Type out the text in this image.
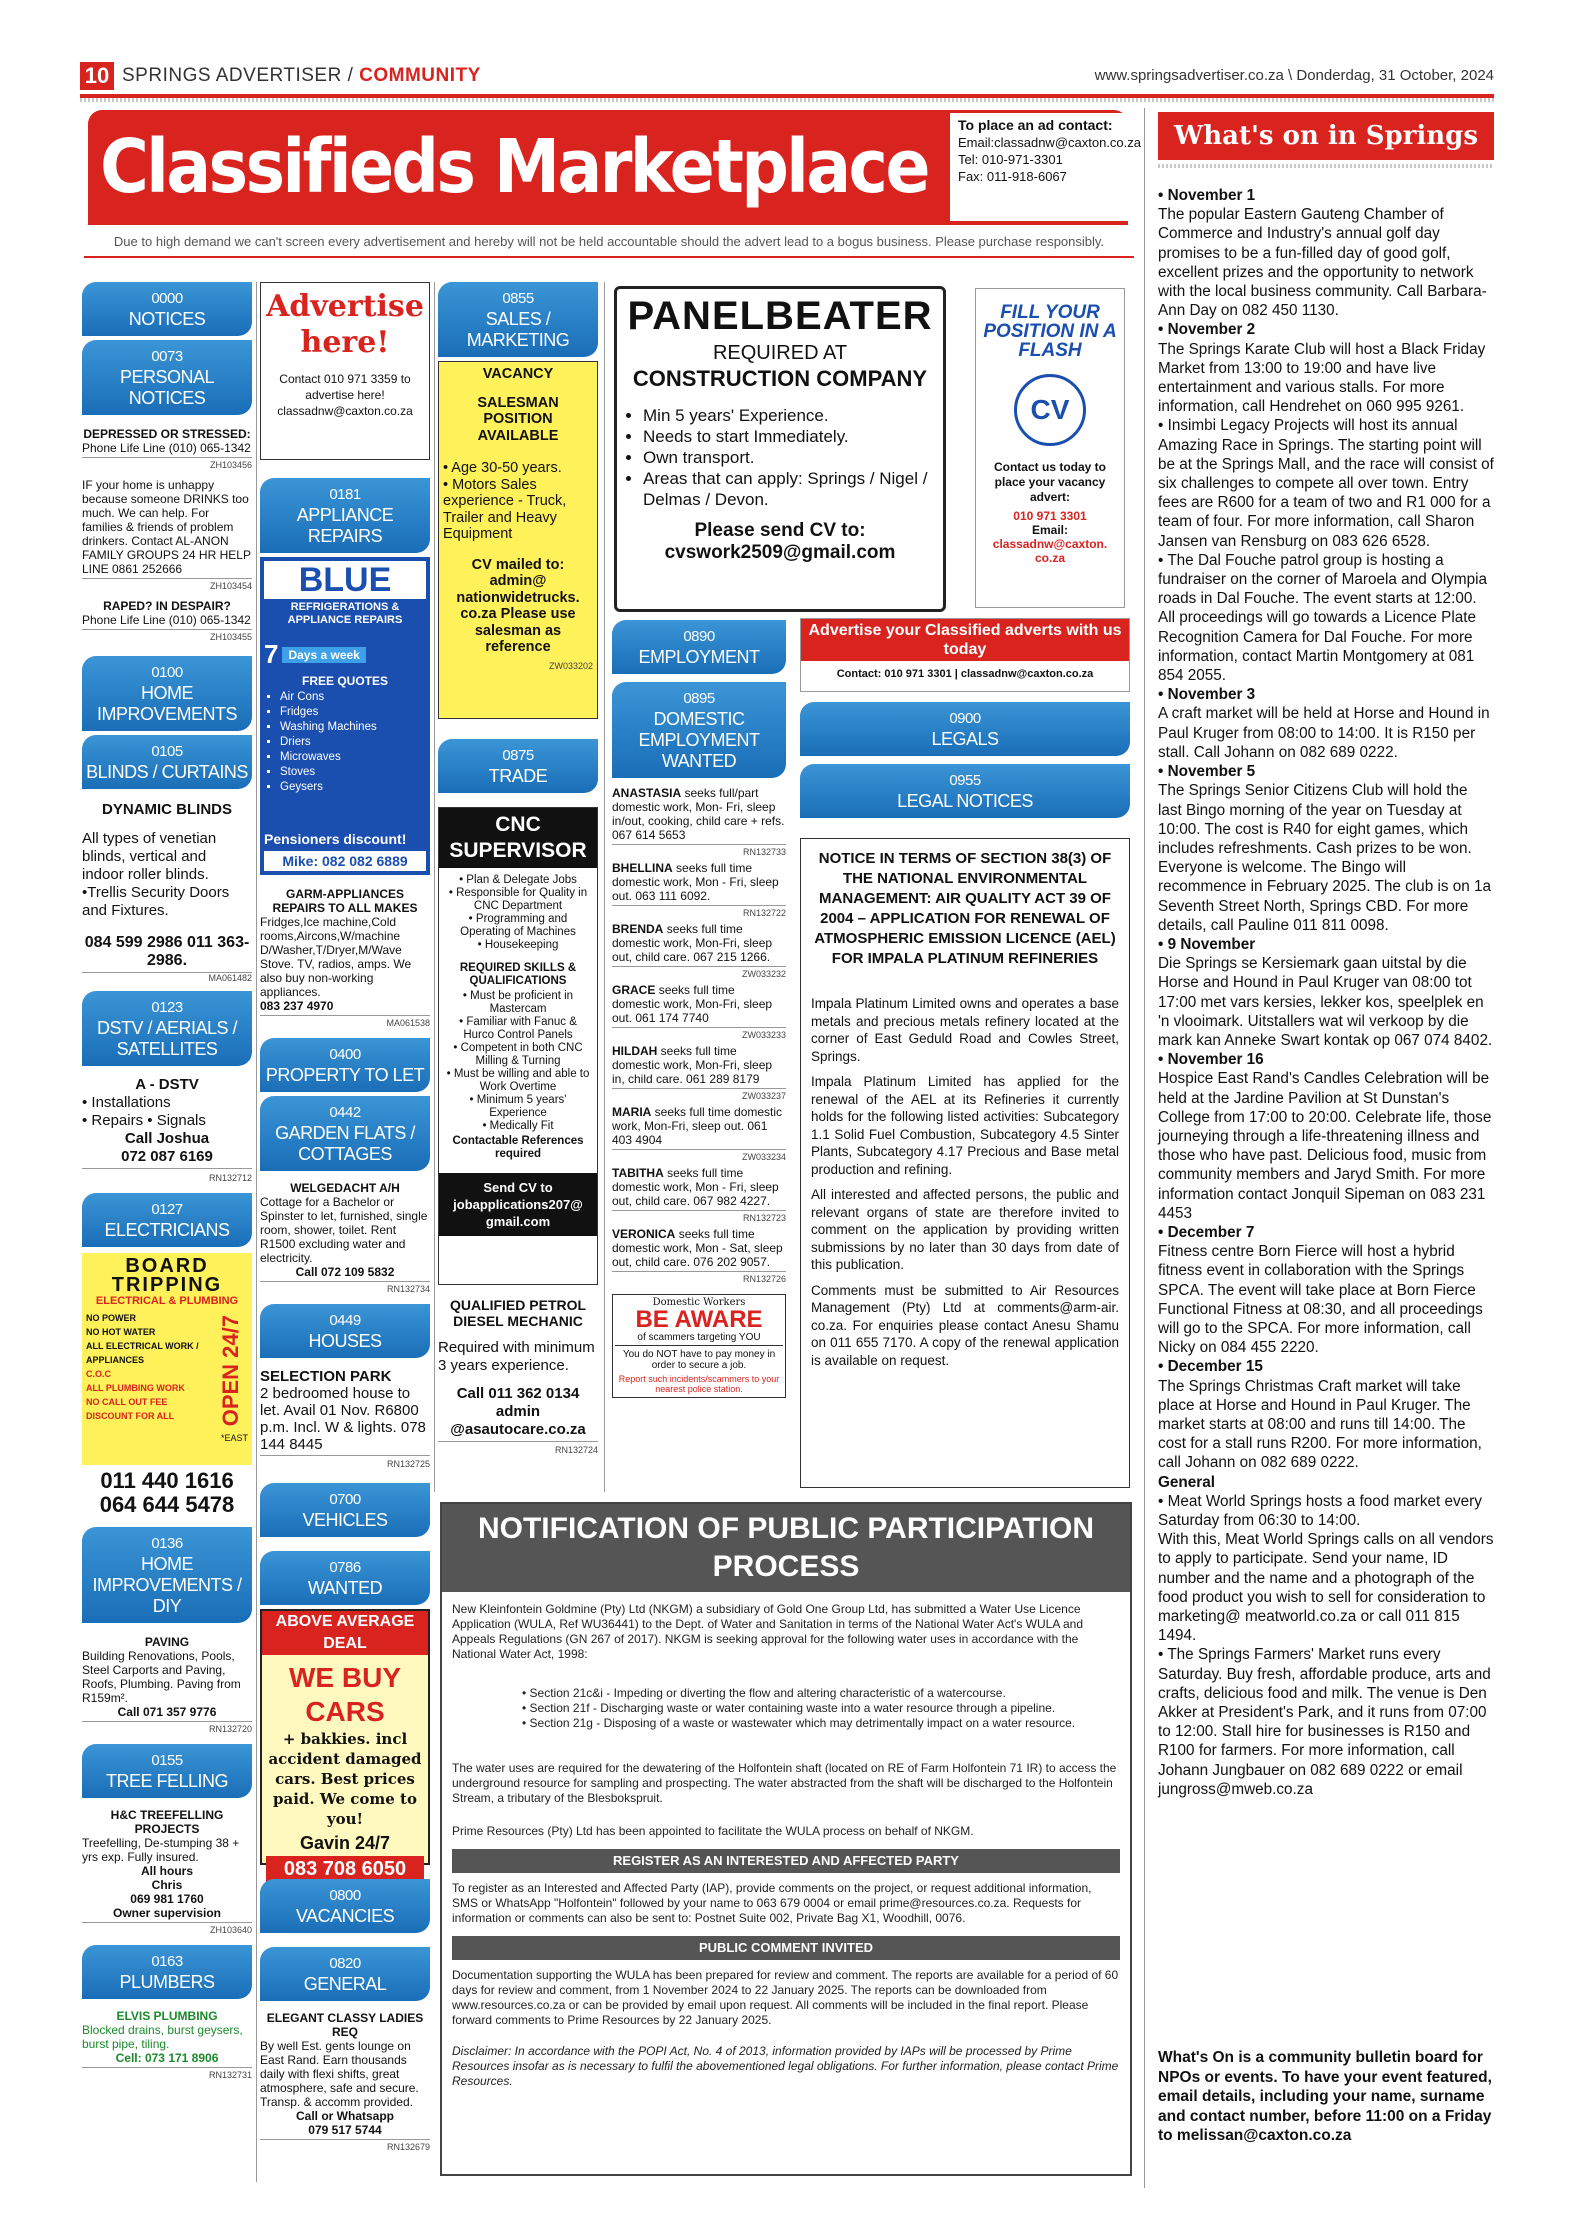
10 SPRINGS ADVERTISER / COMMUNITY	www.springsadvertiser.co.za \ Donderdag, 31 October, 2024
Classifieds Marketplace To place an ad contact:
Email:classadnw@caxton.co.za
Tel: 010-971-3301
Fax: 011-918-6067
Due to high demand we can't screen every advertisement and hereby will not be held accountable should the advert lead to a bogus business. Please purchase responsibly.
0000
NOTICES
0073
PERSONAL NOTICES
DEPRESSED OR STRESSED:
Phone Life Line (010) 065-1342
ZH103456
IF your home is unhappy because someone DRINKS too much. We can help. For families & friends of problem drinkers. Contact AL-ANON FAMILY GROUPS 24 HR HELP LINE 0861 252666
ZH103454
RAPED? IN DESPAIR?
Phone Life Line (010) 065-1342
ZH103455
0100
HOME IMPROVEMENTS
0105
BLINDS / CURTAINS
DYNAMIC BLINDS
All types of venetian blinds, vertical and indoor roller blinds. •Trellis Security Doors and Fixtures.
084 599 2986 011 363-2986.
MA061482
0123
DSTV / AERIALS / SATELLITES
A - DSTV
• Installations
• Repairs • Signals
Call Joshua
072 087 6169
RN132712
0127
ELECTRICIANS
BOARD TRIPPING
ELECTRICAL & PLUMBING
NO POWER
NO HOT WATER
ALL ELECTRICAL WORK / APPLIANCES
C.O.C
ALL PLUMBING WORK
NO CALL OUT FEE
DISCOUNT FOR ALL	OPEN 24/7
*EAST
011 440 1616
064 644 5478
0136
HOME IMPROVEMENTS / DIY
PAVING
Building Renovations, Pools, Steel Carports and Paving, Roofs, Plumbing. Paving from R159m².
Call 071 357 9776
RN132720
0155
TREE FELLING
H&C TREEFELLING PROJECTS
Treefelling, De-stumping 38 + yrs exp. Fully insured.
All hours
Chris
069 981 1760
Owner supervision
ZH103640
0163
PLUMBERS
ELVIS PLUMBING
Blocked drains, burst geysers, burst pipe, tiling.
Cell: 073 171 8906
RN132731
Advertise here!
Contact 010 971 3359 to advertise here! classadnw@caxton.co.za
0181
APPLIANCE REPAIRS
BLUE
REFRIGERATIONS & APPLIANCE REPAIRS
7 Days a week
FREE QUOTES
▪ Air Cons
▪ Fridges
▪ Washing Machines
▪ Driers
▪ Microwaves
▪ Stoves
▪ Geysers
Pensioners discount!
Mike: 082 082 6889
GARM-APPLIANCES REPAIRS TO ALL MAKES
Fridges,Ice machine,Cold rooms,Aircons,W/machine D/Washer,T/Dryer,M/Wave Stove. TV, radios, amps. We also buy non-working appliances.
083 237 4970
MA061538
0400
PROPERTY TO LET
0442
GARDEN FLATS / COTTAGES
WELGEDACHT A/H
Cottage for a Bachelor or Spinster to let, furnished, single room, shower, toilet. Rent R1500 excluding water and electricity.
Call 072 109 5832
RN132734
0449
HOUSES
SELECTION PARK
2 bedroomed house to let. Avail 01 Nov. R6800 p.m. Incl. W & lights. 078 144 8445
RN132725
0700
VEHICLES
0786
WANTED
ABOVE AVERAGE DEAL
WE BUY CARS
+ bakkies. incl accident damaged cars. Best prices paid. We come to you!
Gavin 24/7
083 708 6050
0800
VACANCIES
0820
GENERAL
ELEGANT CLASSY LADIES REQ
By well Est. gents lounge on East Rand. Earn thousands daily with flexi shifts, great atmosphere, safe and secure. Transp. & accomm provided.
Call or Whatsapp
079 517 5744
RN132679
0855
SALES / MARKETING
VACANCY
SALESMAN POSITION AVAILABLE
• Age 30-50 years.
• Motors Sales experience - Truck, Trailer and Heavy Equipment
CV mailed to: admin@ nationwidetrucks. co.za Please use salesman as reference
ZW033202
0875
TRADE
CNC SUPERVISOR
• Plan & Delegate Jobs
• Responsible for Quality in CNC Department
• Programming and Operating of Machines
• Housekeeping
REQUIRED SKILLS & QUALIFICATIONS
• Must be proficient in Mastercam
• Familiar with Fanuc & Hurco Control Panels
• Competent in both CNC Milling & Turning
• Must be willing and able to Work Overtime
• Minimum 5 years' Experience
• Medically Fit
Contactable References required
Send CV to jobapplications207@ gmail.com
QUALIFIED PETROL DIESEL MECHANIC
Required with minimum 3 years experience.
Call 011 362 0134 admin @asautocare.co.za
RN132724
PANELBEATER
REQUIRED AT
CONSTRUCTION COMPANY
• Min 5 years' Experience.
• Needs to start Immediately.
• Own transport.
• Areas that can apply: Springs / Nigel / Delmas / Devon.
Please send CV to:
cvswork2509@gmail.com
0890
EMPLOYMENT
0895
DOMESTIC EMPLOYMENT WANTED
ANASTASIA seeks full/part domestic work, Mon- Fri, sleep in/out, cooking, child care + refs. 067 614 5653
RN132733
BHELLINA seeks full time domestic work, Mon - Fri, sleep out. 063 111 6092.
RN132722
BRENDA seeks full time domestic work, Mon-Fri, sleep out, child care. 067 215 1266.
ZW033232
GRACE seeks full time domestic work, Mon-Fri, sleep out. 061 174 7740
ZW033233
HILDAH seeks full time domestic work, Mon-Fri, sleep in, child care. 061 289 8179
ZW033237
MARIA seeks full time domestic work, Mon-Fri, sleep out. 061 403 4904
ZW033234
TABITHA seeks full time domestic work, Mon - Fri, sleep out, child care. 067 982 4227.
RN132723
VERONICA seeks full time domestic work, Mon - Sat, sleep out, child care. 076 202 9057.
RN132726
Domestic Workers
BE AWARE
of scammers targeting YOU
You do NOT have to pay money in order to secure a job.
Report such incidents/scammers to your nearest police station.
FILL YOUR POSITION IN A FLASH
CV
Contact us today to place your vacancy advert:
010 971 3301
Email:
classadnw@caxton. co.za
Advertise your Classified adverts with us today
Contact: 010 971 3301 | classadnw@caxton.co.za
0900
LEGALS
0955
LEGAL NOTICES
NOTICE IN TERMS OF SECTION 38(3) OF THE NATIONAL ENVIRONMENTAL MANAGEMENT: AIR QUALITY ACT 39 OF 2004 – APPLICATION FOR RENEWAL OF ATMOSPHERIC EMISSION LICENCE (AEL) FOR IMPALA PLATINUM REFINERIES
Impala Platinum Limited owns and operates a base metals and precious metals refinery located at the corner of East Geduld Road and Cowles Street, Springs.
Impala Platinum Limited has applied for the renewal of the AEL at its Refineries it currently holds for the following listed activities: Subcategory 1.1 Solid Fuel Combustion, Subcategory 4.5 Sinter Plants, Subcategory 4.17 Precious and Base metal production and refining.
All interested and affected persons, the public and relevant organs of state are therefore invited to comment on the application by providing written submissions by no later than 30 days from date of this publication.
Comments must be submitted to Air Resources Management (Pty) Ltd at comments@arm-air. co.za. For enquiries please contact Anesu Shamu on 011 655 7170. A copy of the renewal application is available on request.
NOTIFICATION OF PUBLIC PARTICIPATION PROCESS
New Kleinfontein Goldmine (Pty) Ltd (NKGM) a subsidiary of Gold One Group Ltd, has submitted a Water Use Licence Application (WULA, Ref WU36441) to the Dept. of Water and Sanitation in terms of the National Water Act's WULA and Appeals Regulations (GN 267 of 2017). NKGM is seeking approval for the following water uses in accordance with the National Water Act, 1998:
• Section 21c&i - Impeding or diverting the flow and altering characteristic of a watercourse.
• Section 21f - Discharging waste or water containing waste into a water resource through a pipeline.
• Section 21g - Disposing of a waste or wastewater which may detrimentally impact on a water resource.
The water uses are required for the dewatering of the Holfontein shaft (located on RE of Farm Holfontein 71 IR) to access the underground resource for sampling and prospecting. The water abstracted from the shaft will be discharged to the Holfontein Stream, a tributary of the Blesbokspruit.
Prime Resources (Pty) Ltd has been appointed to facilitate the WULA process on behalf of NKGM.
REGISTER AS AN INTERESTED AND AFFECTED PARTY
To register as an Interested and Affected Party (IAP), provide comments on the project, or request additional information, SMS or WhatsApp "Holfontein" followed by your name to 063 679 0004 or email prime@resources.co.za. Requests for information or comments can also be sent to: Postnet Suite 002, Private Bag X1, Woodhill, 0076.
PUBLIC COMMENT INVITED
Documentation supporting the WULA has been prepared for review and comment. The reports are available for a period of 60 days for review and comment, from 1 November 2024 to 22 January 2025. The reports can be downloaded from www.resources.co.za or can be provided by email upon request. All comments will be included in the final report. Please forward comments to Prime Resources by 22 January 2025.
Disclaimer: In accordance with the POPI Act, No. 4 of 2013, information provided by IAPs will be processed by Prime Resources insofar as is necessary to fulfil the abovementioned legal obligations. For further information, please contact Prime Resources.
What's on in Springs

• November 1

The popular Eastern Gauteng Chamber of Commerce and Industry's annual golf day promises to be a fun-filled day of good golf, excellent prizes and the opportunity to network with the local business community. Call Barbara-Ann Day on 082 450 1130.

• November 2

The Springs Karate Club will host a Black Friday Market from 13:00 to 19:00 and have live entertainment and various stalls. For more information, call Hendrehet on 060 995 9261.

• Insimbi Legacy Projects will host its annual Amazing Race in Springs. The starting point will be at the Springs Mall, and the race will consist of six challenges to compete all over town. Entry fees are R600 for a team of two and R1 000 for a team of four. For more information, call Sharon Jansen van Rensburg on 083 626 6528.

• The Dal Fouche patrol group is hosting a fundraiser on the corner of Maroela and Olympia roads in Dal Fouche. The event starts at 12:00. All proceedings will go towards a Licence Plate Recognition Camera for Dal Fouche. For more information, contact Martin Montgomery at 081 854 2055.

• November 3

A craft market will be held at Horse and Hound in Paul Kruger from 08:00 to 14:00. It is R150 per stall. Call Johann on 082 689 0222.

• November 5

The Springs Senior Citizens Club will hold the last Bingo morning of the year on Tuesday at 10:00. The cost is R40 for eight games, which includes refreshments. Cash prizes to be won. Everyone is welcome. The Bingo will recommence in February 2025. The club is on 1a Seventh Street North, Springs CBD. For more details, call Pauline 011 811 0098.

• 9 November

Die Springs se Kersiemark gaan uitstal by die Horse and Hound in Paul Kruger van 08:00 tot 17:00 met vars kersies, lekker kos, speelplek en 'n vlooimark. Uitstallers wat wil verkoop by die mark kan Anneke Swart kontak op 067 074 8402.

• November 16

Hospice East Rand's Candles Celebration will be held at the Jardine Pavilion at St Dunstan's College from 17:00 to 20:00. Celebrate life, those journeying through a life-threatening illness and those who have past. Delicious food, music from community members and Jaryd Smith. For more information contact Jonquil Sipeman on 083 231 4453

• December 7

Fitness centre Born Fierce will host a hybrid fitness event in collaboration with the Springs SPCA. The event will take place at Born Fierce Functional Fitness at 08:30, and all proceedings will go to the SPCA. For more information, call Nicky on 084 455 2220.

• December 15

The Springs Christmas Craft market will take place at Horse and Hound in Paul Kruger. The market starts at 08:00 and runs till 14:00. The cost for a stall runs R200. For more information, call Johann on 082 689 0222.

General

• Meat World Springs hosts a food market every Saturday from 06:30 to 14:00.

With this, Meat World Springs calls on all vendors to apply to participate. Send your name, ID number and the name and a photograph of the food product you wish to sell for consideration to marketing@ meatworld.co.za or call 011 815 1494.

• The Springs Farmers' Market runs every Saturday. Buy fresh, affordable produce, arts and crafts, delicious food and milk. The venue is Den Akker at President's Park, and it runs from 07:00 to 12:00. Stall hire for businesses is R150 and R100 for farmers. For more information, call Johann Jungbauer on 082 689 0222 or email jungross@mweb.co.za

What's On is a community bulletin board for NPOs or events. To have your event featured, email details, including your name, surname and contact number, before 11:00 on a Friday to melissan@caxton.co.za
